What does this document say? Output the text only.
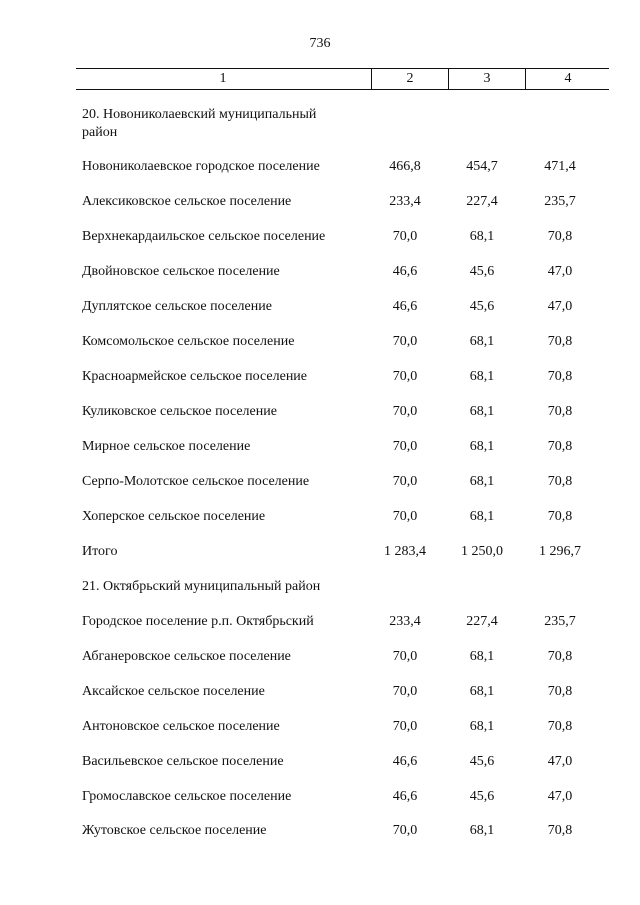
736
1	2	3	4
20. Новониколаевский муниципальный район
Новониколаевское городское поселение	466,8	454,7	471,4
Алексиковское сельское поселение	233,4	227,4	235,7
Верхнекардаильское сельское поселение	70,0	68,1	70,8
Двойновское сельское поселение	46,6	45,6	47,0
Дуплятское сельское поселение	46,6	45,6	47,0
Комсомольское сельское поселение	70,0	68,1	70,8
Красноармейское сельское поселение	70,0	68,1	70,8
Куликовское сельское поселение	70,0	68,1	70,8
Мирное сельское поселение	70,0	68,1	70,8
Серпо-Молотское сельское поселение	70,0	68,1	70,8
Хоперское сельское поселение	70,0	68,1	70,8
Итого	1 283,4	1 250,0	1 296,7
21. Октябрьский муниципальный район
Городское поселение р.п. Октябрьский	233,4	227,4	235,7
Абганеровское сельское поселение	70,0	68,1	70,8
Аксайское сельское поселение	70,0	68,1	70,8
Антоновское сельское поселение	70,0	68,1	70,8
Васильевское сельское поселение	46,6	45,6	47,0
Громославское сельское поселение	46,6	45,6	47,0
Жутовское сельское поселение	70,0	68,1	70,8
